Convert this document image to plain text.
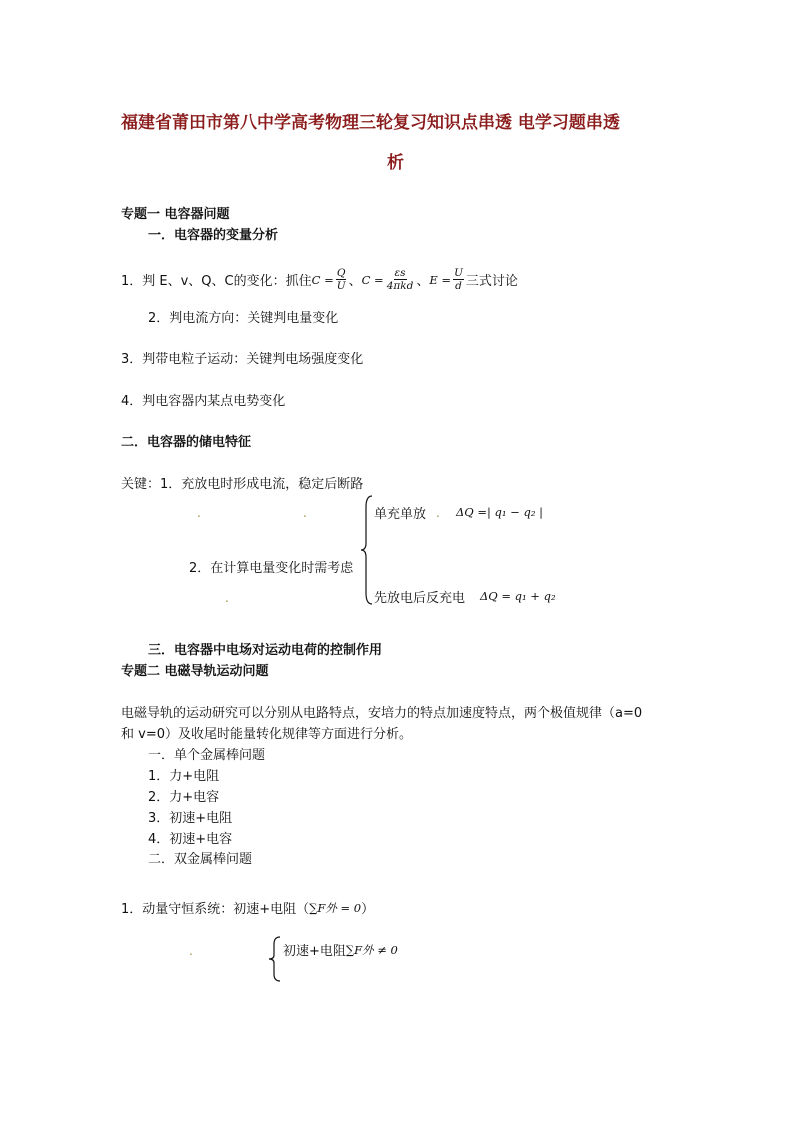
福建省莆田市第八中学高考物理三轮复习知识点串透 电学习题串透
析
专题一 电容器问题
一．电容器的变量分析
1．判 E、v、Q、C的变化：抓住 $C = \frac{Q}{U}$ 、 $C = \frac{\varepsilon s}{\text{4πkd}}$ 、 $E = \frac{U}{d}$ 三式讨论
2．判电流方向：关键判电量变化
3．判带电粒子运动：关键判电场强度变化
4．判电容器内某点电势变化
二．电容器的储电特征
关键：1．充放电时形成电流，稳定后断路
.	.	单充单放 . ΔQ =| q₁ − q₂ |
2．在计算电量变化时需考虑
.	先放电后反充电 ΔQ = q₁ + q₂
三．电容器中电场对运动电荷的控制作用
专题二 电磁导轨运动问题
电磁导轨的运动研究可以分别从电路特点，安培力的特点加速度特点，两个极值规律（a=0
和 v=0）及收尾时能量转化规律等方面进行分析。
一．单个金属棒问题
1．力+电阻
2．力+电容
3．初速+电阻
4．初速+电容
二．双金属棒问题
1．动量守恒系统：初速+电阻（ ∑F外 = 0 ）
.	初速+电阻 ∑F外 ≠ 0
